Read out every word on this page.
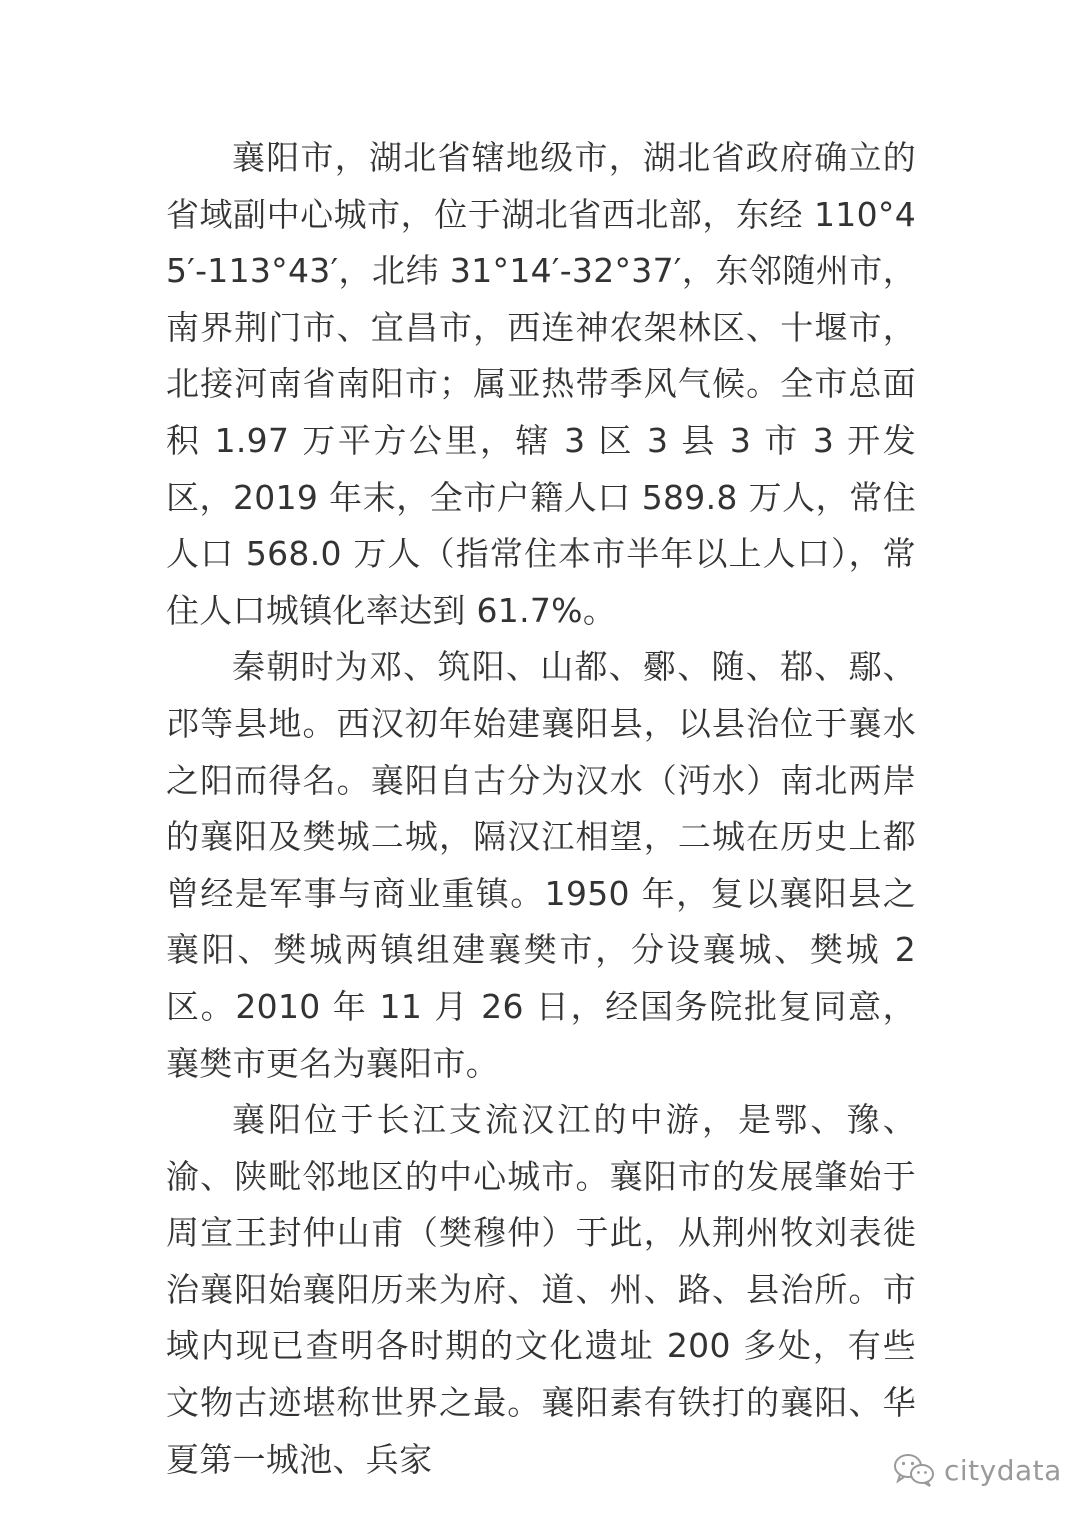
襄阳市，湖北省辖地级市，湖北省政府确立的省域副中心城市，位于湖北省西北部，东经 110°45′-113°43′，北纬 31°14′-32°37′，东邻随州市，南界荆门市、宜昌市，西连神农架林区、十堰市，北接河南省南阳市；属亚热带季风气候。全市总面积 1.97 万平方公里，辖 3 区 3 县 3 市 3 开发区，2019 年末，全市户籍人口 589.8 万人，常住人口 568.0 万人（指常住本市半年以上人口），常住人口城镇化率达到 61.7%。

秦朝时为邓、筑阳、山都、鄾、随、鄀、鄢、邔等县地。西汉初年始建襄阳县，以县治位于襄水之阳而得名。襄阳自古分为汉水（沔水）南北两岸的襄阳及樊城二城，隔汉江相望，二城在历史上都曾经是军事与商业重镇。1950 年，复以襄阳县之襄阳、樊城两镇组建襄樊市，分设襄城、樊城 2 区。2010 年 11 月 26 日，经国务院批复同意，襄樊市更名为襄阳市。

襄阳位于长江支流汉江的中游，是鄂、豫、渝、陕毗邻地区的中心城市。襄阳市的发展肇始于周宣王封仲山甫（樊穆仲）于此，从荆州牧刘表徙治襄阳始襄阳历来为府、道、州、路、县治所。市域内现已查明各时期的文化遗址 200 多处，有些文物古迹堪称世界之最。襄阳素有铁打的襄阳、华夏第一城池、兵家	citydata
